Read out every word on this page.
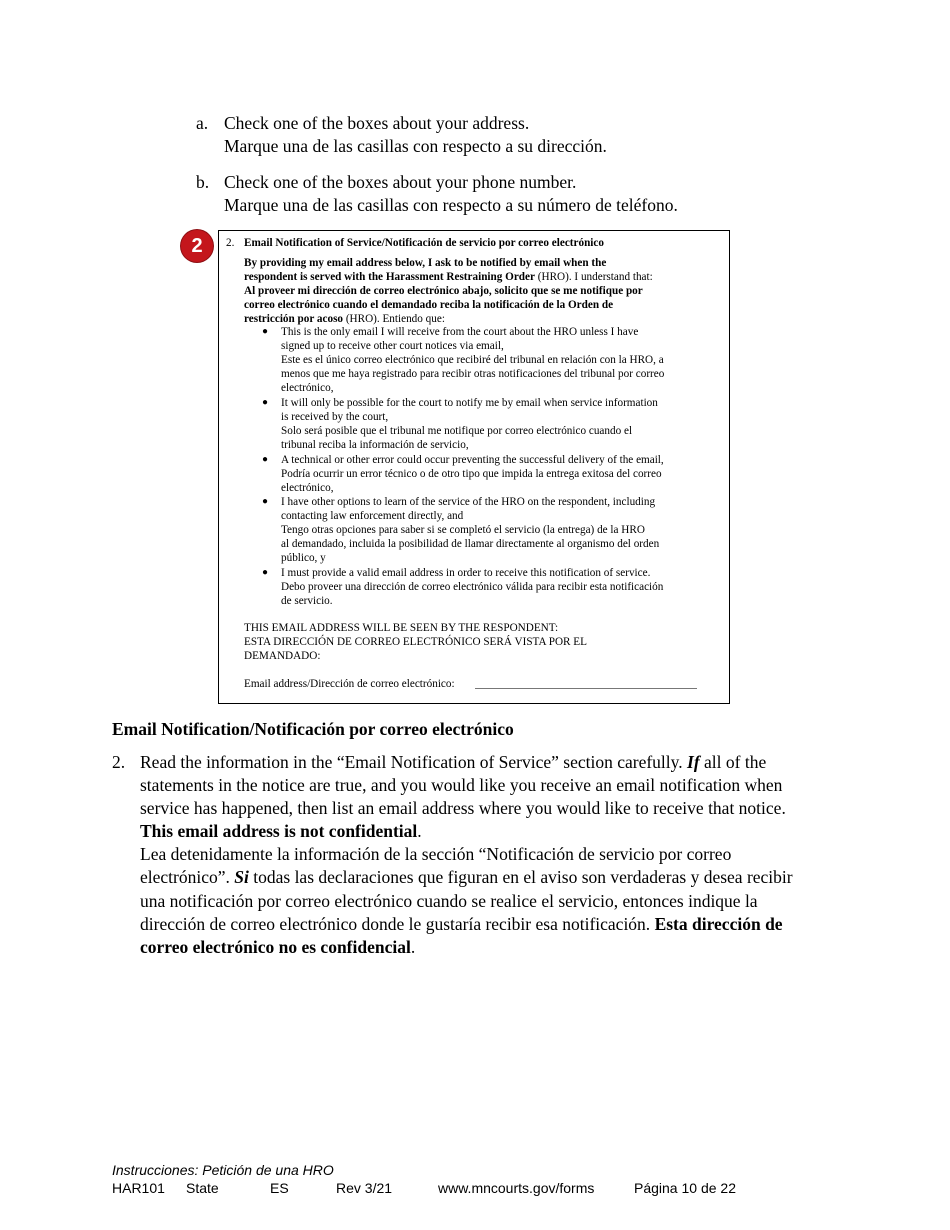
a. Check one of the boxes about your address.
Marque una de las casillas con respecto a su dirección.
b. Check one of the boxes about your phone number.
Marque una de las casillas con respecto a su número de teléfono.
2	2. Email Notification of Service/Notificación de servicio por correo electrónico
By providing my email address below, I ask to be notified by email when the
respondent is served with the Harassment Restraining Order (HRO). I understand that:
Al proveer mi dirección de correo electrónico abajo, solicito que se me notifique por
correo electrónico cuando el demandado reciba la notificación de la Orden de
restricción por acoso (HRO). Entiendo que:
● This is the only email I will receive from the court about the HRO unless I have
signed up to receive other court notices via email,
Este es el único correo electrónico que recibiré del tribunal en relación con la HRO, a
menos que me haya registrado para recibir otras notificaciones del tribunal por correo
electrónico,
● It will only be possible for the court to notify me by email when service information
is received by the court,
Solo será posible que el tribunal me notifique por correo electrónico cuando el
tribunal reciba la información de servicio,
● A technical or other error could occur preventing the successful delivery of the email,
Podría ocurrir un error técnico o de otro tipo que impida la entrega exitosa del correo
electrónico,
● I have other options to learn of the service of the HRO on the respondent, including
contacting law enforcement directly, and
Tengo otras opciones para saber si se completó el servicio (la entrega) de la HRO
al demandado, incluida la posibilidad de llamar directamente al organismo del orden
público, y
● I must provide a valid email address in order to receive this notification of service.
Debo proveer una dirección de correo electrónico válida para recibir esta notificación
de servicio.
THIS EMAIL ADDRESS WILL BE SEEN BY THE RESPONDENT:
ESTA DIRECCIÓN DE CORREO ELECTRÓNICO SERÁ VISTA POR EL
DEMANDADO:
Email address/Dirección de correo electrónico:
Email Notification/Notificación por correo electrónico
2. Read the information in the “Email Notification of Service” section carefully. If all of the
statements in the notice are true, and you would like you receive an email notification when
service has happened, then list an email address where you would like to receive that notice.
This email address is not confidential.
Lea detenidamente la información de la sección “Notificación de servicio por correo
electrónico”. Si todas las declaraciones que figuran en el aviso son verdaderas y desea recibir
una notificación por correo electrónico cuando se realice el servicio, entonces indique la
dirección de correo electrónico donde le gustaría recibir esa notificación. Esta dirección de
correo electrónico no es confidencial.
Instrucciones: Petición de una HRO
HAR101 State	ES	Rev 3/21	www.mncourts.gov/forms	Página 10 de 22
